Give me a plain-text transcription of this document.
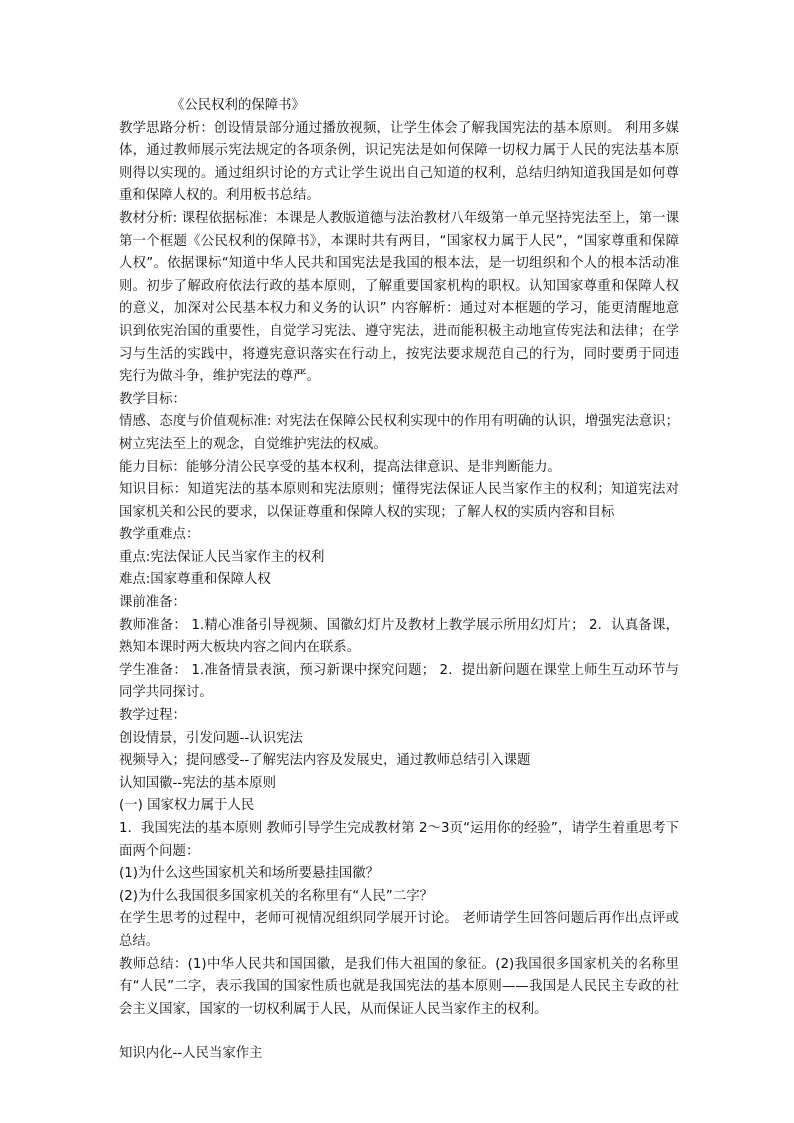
《公民权利的保障书》
教学思路分析：创设情景部分通过播放视频，让学生体会了解我国宪法的基本原则。 利用多媒体，通过教师展示宪法规定的各项条例，识记宪法是如何保障一切权力属于人民的宪法基本原则得以实现的。通过组织讨论的方式让学生说出自己知道的权利，总结归纳知道我国是如何尊重和保障人权的。利用板书总结。
教材分析: 课程依据标准：本课是人教版道德与法治教材八年级第一单元坚持宪法至上，第一课第一个框题《公民权利的保障书》，本课时共有两目，“国家权力属于人民”，“国家尊重和保障人权”。依据课标“知道中华人民共和国宪法是我国的根本法，是一切组织和个人的根本活动准则。初步了解政府依法行政的基本原则，了解重要国家机构的职权。认知国家尊重和保障人权的意义，加深对公民基本权力和义务的认识” 内容解析：通过对本框题的学习，能更清醒地意识到依宪治国的重要性，自觉学习宪法、遵守宪法，进而能积极主动地宣传宪法和法律；在学习与生活的实践中，将遵宪意识落实在行动上，按宪法要求规范自己的行为，同时要勇于同违宪行为做斗争，维护宪法的尊严。
教学目标：
情感、态度与价值观标准: 对宪法在保障公民权利实现中的作用有明确的认识，增强宪法意识；树立宪法至上的观念，自觉维护宪法的权威。
能力目标：能够分清公民享受的基本权利，提高法律意识、是非判断能力。
知识目标：知道宪法的基本原则和宪法原则；懂得宪法保证人民当家作主的权利；知道宪法对国家机关和公民的要求，以保证尊重和保障人权的实现；了解人权的实质内容和目标
教学重难点：
重点:宪法保证人民当家作主的权利
难点:国家尊重和保障人权
课前准备：
教师准备： 1.精心准备引导视频、国徽幻灯片及教材上教学展示所用幻灯片； 2．认真备课，熟知本课时两大板块内容之间内在联系。
学生准备： 1.准备情景表演，预习新课中探究问题； 2．提出新问题在课堂上师生互动环节与同学共同探讨。
教学过程：
创设情景，引发问题--认识宪法
视频导入；提问感受--了解宪法内容及发展史，通过教师总结引入课题
认知国徽--宪法的基本原则
(一) 国家权力属于人民
1．我国宪法的基本原则 教师引导学生完成教材第 2～3页“运用你的经验”，请学生着重思考下面两个问题：
(1)为什么这些国家机关和场所要悬挂国徽？
(2)为什么我国很多国家机关的名称里有“人民”二字？
在学生思考的过程中，老师可视情况组织同学展开讨论。 老师请学生回答问题后再作出点评或总结。
教师总结：(1)中华人民共和国国徽，是我们伟大祖国的象征。(2)我国很多国家机关的名称里有“人民”二字，表示我国的国家性质也就是我国宪法的基本原则——我国是人民民主专政的社会主义国家，国家的一切权利属于人民，从而保证人民当家作主的权利。
知识内化--人民当家作主
